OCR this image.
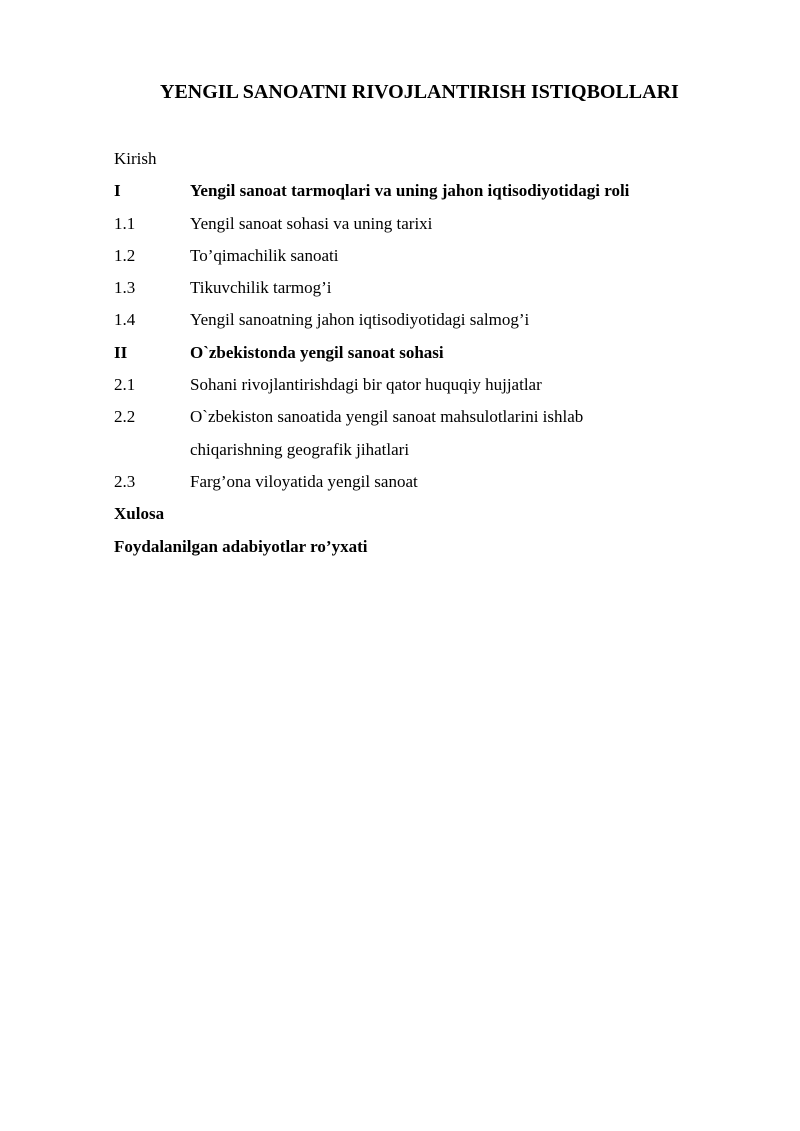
YENGIL SANOATNI RIVOJLANTIRISH ISTIQBOLLARI
Kirish
I	Yengil sanoat tarmoqlari va uning jahon iqtisodiyotidagi roli
1.1	Yengil sanoat sohasi va uning tarixi
1.2	To’qimachilik sanoati
1.3	Tikuvchilik tarmog’i
1.4	Yengil sanoatning jahon iqtisodiyotidagi salmog’i
II	O`zbekistonda yengil sanoat sohasi
2.1	Sohani rivojlantirishdagi bir qator huquqiy hujjatlar
2.2	O`zbekiston sanoatida yengil sanoat mahsulotlarini ishlab chiqarishning geografik jihatlari
2.3	Farg’ona viloyatida yengil sanoat
Xulosa
Foydalanilgan adabiyotlar ro’yxati
